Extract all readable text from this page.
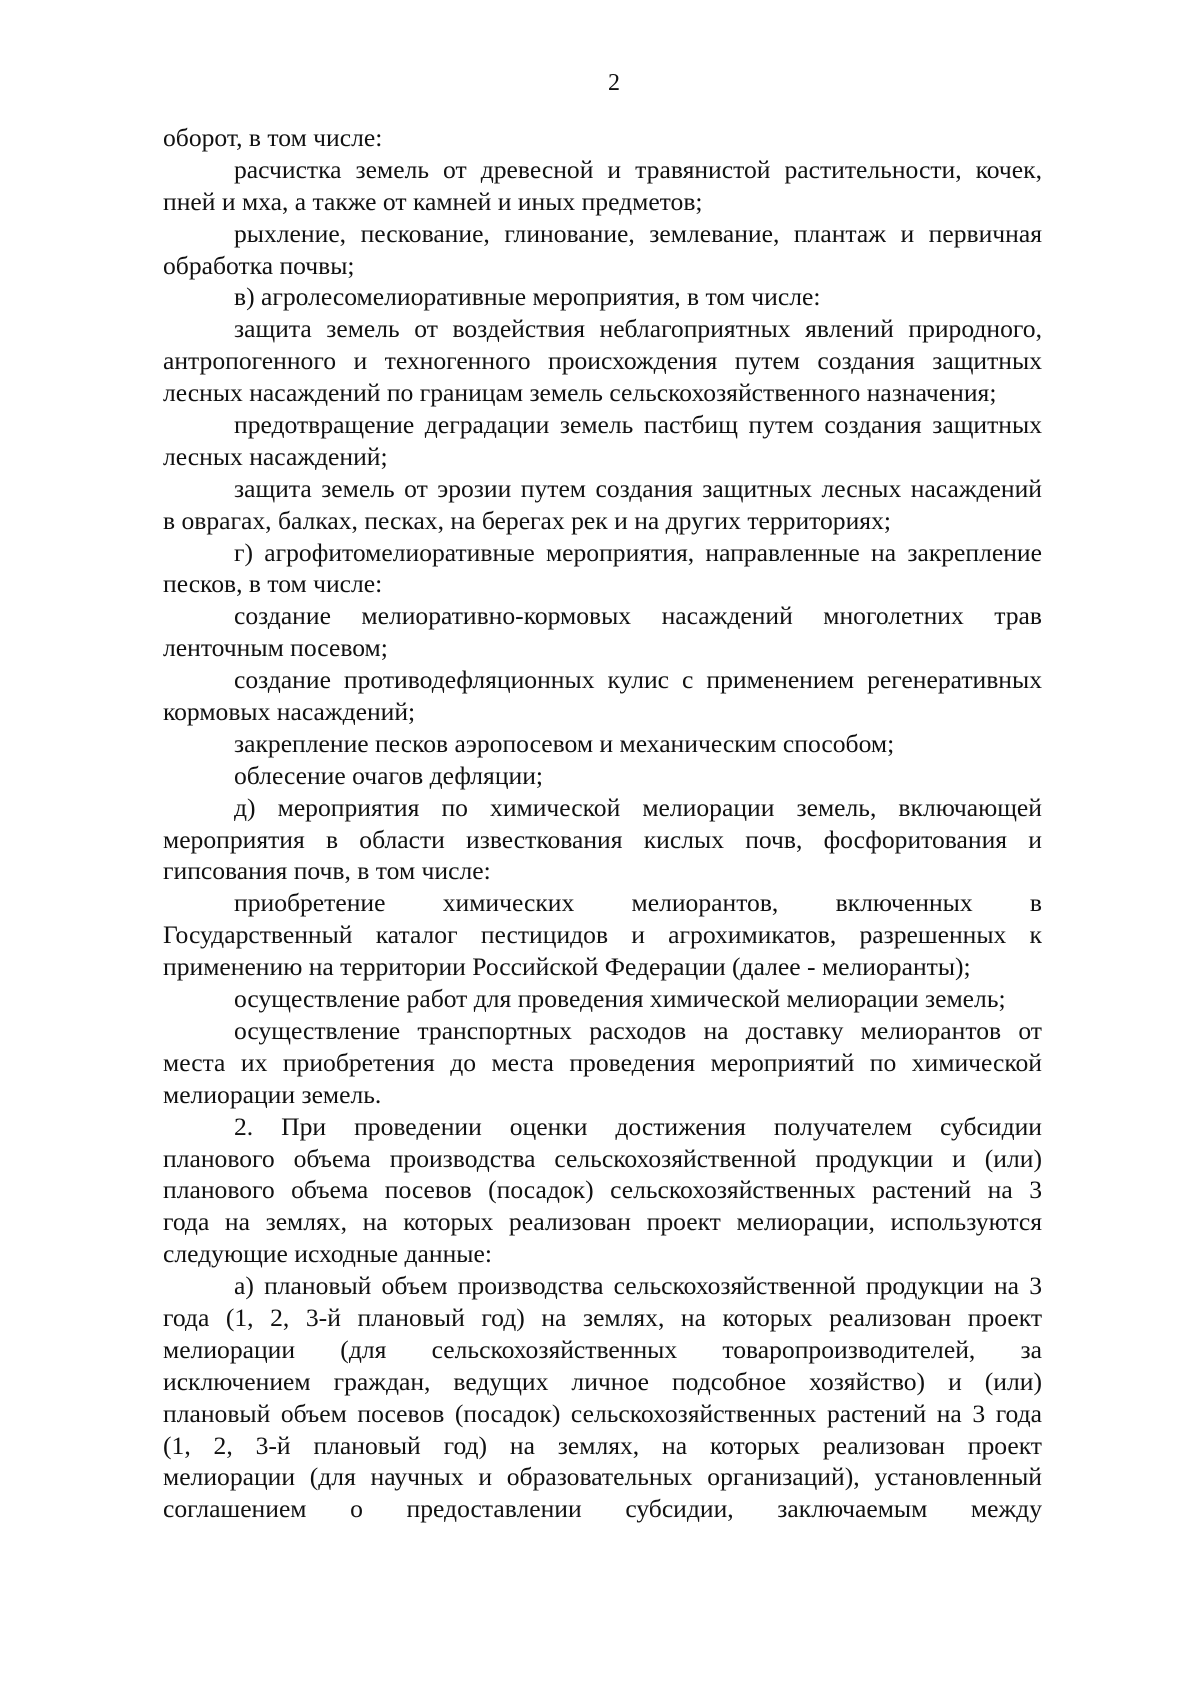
2
оборот, в том числе:
расчистка земель от древесной и травянистой растительности, кочек,
пней и мха, а также от камней и иных предметов;
рыхление, пескование, глинование, землевание, плантаж и первичная
обработка почвы;
в) агролесомелиоративные мероприятия, в том числе:
защита земель от воздействия неблагоприятных явлений природного,
антропогенного и техногенного происхождения путем создания защитных
лесных насаждений по границам земель сельскохозяйственного назначения;
предотвращение деградации земель пастбищ путем создания защитных
лесных насаждений;
защита земель от эрозии путем создания защитных лесных насаждений
в оврагах, балках, песках, на берегах рек и на других территориях;
г) агрофитомелиоративные мероприятия, направленные на закрепление
песков, в том числе:
создание мелиоративно-кормовых насаждений многолетних трав
ленточным посевом;
создание противодефляционных кулис с применением регенеративных
кормовых насаждений;
закрепление песков аэропосевом и механическим способом;
облесение очагов дефляции;
д) мероприятия по химической мелиорации земель, включающей
мероприятия в области известкования кислых почв, фосфоритования и
гипсования почв, в том числе:
приобретение химических мелиорантов, включенных в
Государственный каталог пестицидов и агрохимикатов, разрешенных к
применению на территории Российской Федерации (далее - мелиоранты);
осуществление работ для проведения химической мелиорации земель;
осуществление транспортных расходов на доставку мелиорантов от
места их приобретения до места проведения мероприятий по химической
мелиорации земель.
2. При проведении оценки достижения получателем субсидии
планового объема производства сельскохозяйственной продукции и (или)
планового объема посевов (посадок) сельскохозяйственных растений на 3
года на землях, на которых реализован проект мелиорации, используются
следующие исходные данные:
а) плановый объем производства сельскохозяйственной продукции на 3
года (1, 2, 3-й плановый год) на землях, на которых реализован проект
мелиорации (для сельскохозяйственных товаропроизводителей, за
исключением граждан, ведущих личное подсобное хозяйство) и (или)
плановый объем посевов (посадок) сельскохозяйственных растений на 3 года
(1, 2, 3-й плановый год) на землях, на которых реализован проект
мелиорации (для научных и образовательных организаций), установленный
соглашением о предоставлении субсидии, заключаемым между
